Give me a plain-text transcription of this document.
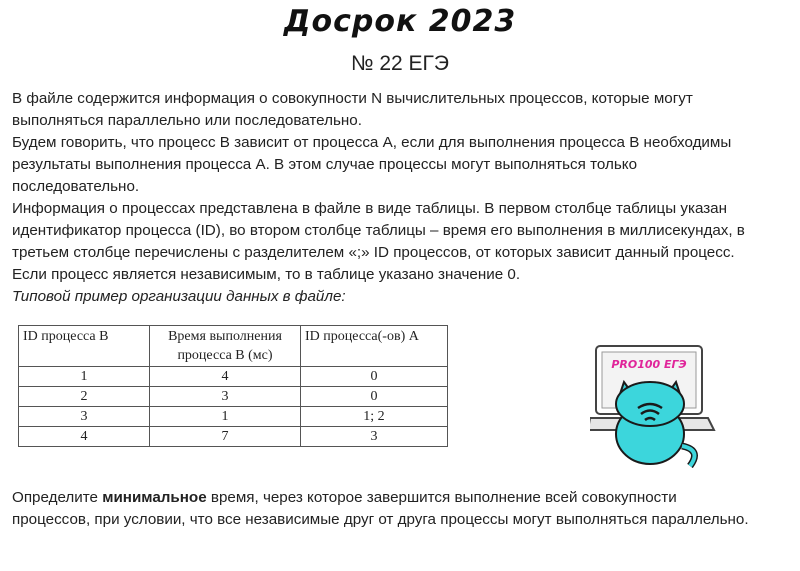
Досрок 2023
№ 22 ЕГЭ
В файле содержится информация о совокупности N вычислительных процессов, которые могут
выполняться параллельно или последовательно.
Будем говорить, что процесс B зависит от процесса A, если для выполнения процесса B необходимы
результаты выполнения процесса A. В этом случае процессы могут выполняться только
последовательно.
Информация о процессах представлена в файле в виде таблицы. В первом столбце таблицы указан
идентификатор процесса (ID), во втором столбце таблицы – время его выполнения в миллисекундах, в
третьем столбце перечислены с разделителем «;» ID процессов, от которых зависит данный процесс.
Если процесс является независимым, то в таблице указано значение 0.
Типовой пример организации данных в файле:
ID процесса B	Время выполнения процесса B (мс)	ID процесса(-ов) A
1	4	0
2	3	0
3	1	1; 2
4	7	3
PRO100 ЕГЭ
Определите минимальное время, через которое завершится выполнение всей совокупности
процессов, при условии, что все независимые друг от друга процессы могут выполняться параллельно.
